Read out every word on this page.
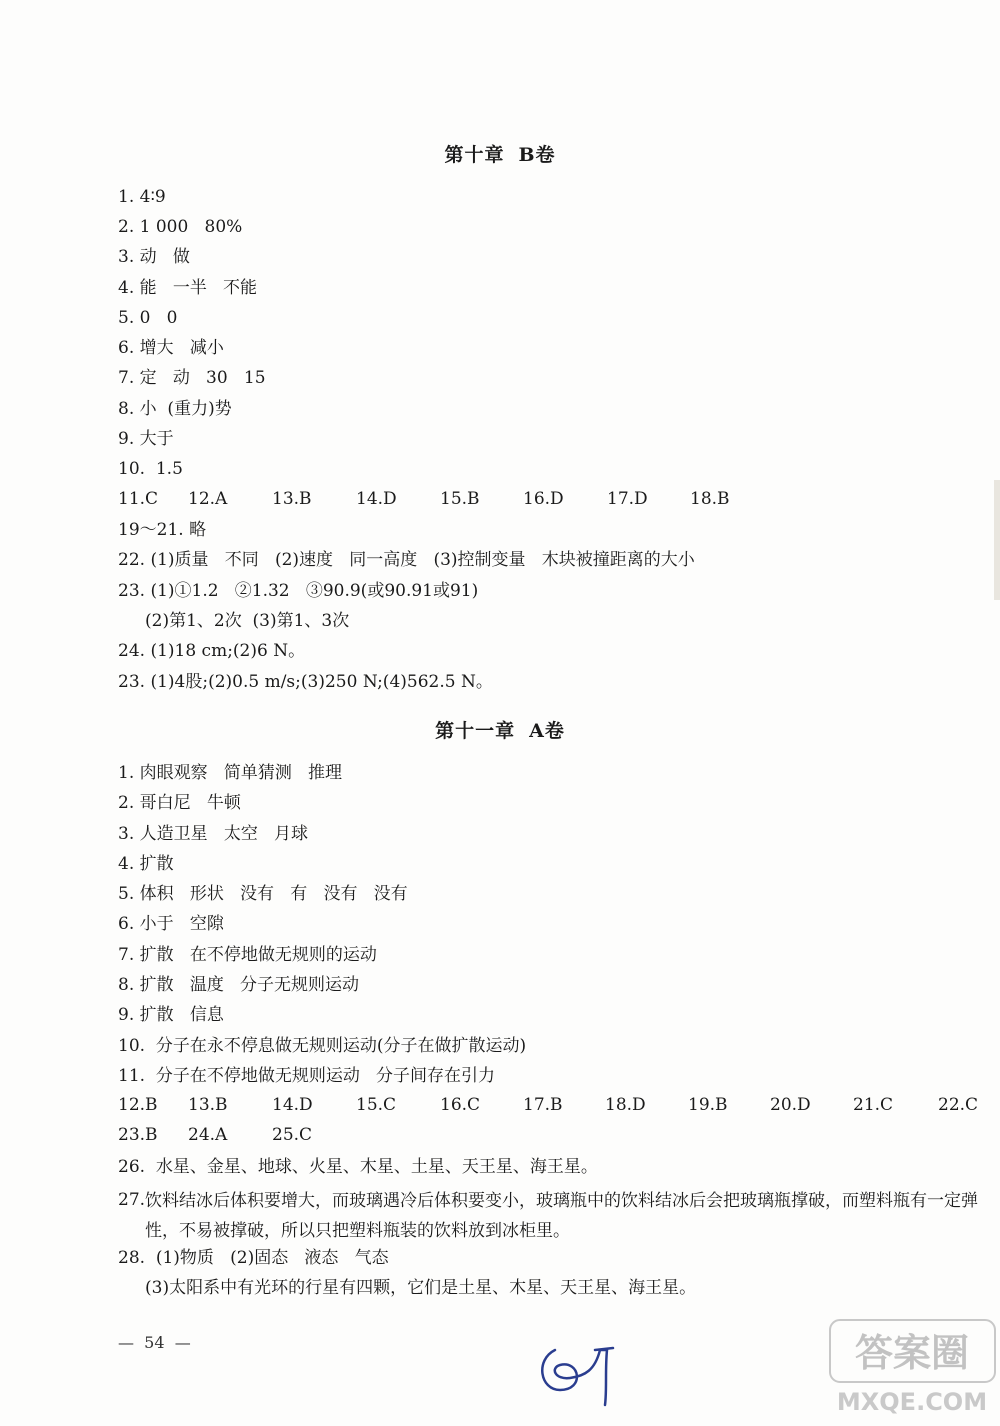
第十章 B卷
1. 4∶9
2. 1 000   80%
3. 动   做
4. 能   一半   不能
5. 0   0
6. 增大   减小
7. 定   动   30   15
8. 小  (重力)势
9. 大于
10.  1.5
11.C 12.A	13.B	14.D	15.B	16.D	17.D 18.B
19～21. 略
22. (1)质量   不同   (2)速度   同一高度   (3)控制变量   木块被撞距离的大小
23. (1)①1.2   ②1.32   ③90.9(或90.91或91)
(2)第1、2次  (3)第1、3次
24. (1)18 cm;(2)6 N。
23. (1)4股;(2)0.5 m/s;(3)250 N;(4)562.5 N。
第十一章 A卷
1. 肉眼观察   简单猜测   推理
2. 哥白尼   牛顿
3. 人造卫星   太空   月球
4. 扩散
5. 体积   形状   没有   有   没有   没有
6. 小于   空隙
7. 扩散   在不停地做无规则的运动
8. 扩散   温度   分子无规则运动
9. 扩散   信息
10.  分子在永不停息做无规则运动(分子在做扩散运动)
11.  分子在不停地做无规则运动   分子间存在引力
12.B 13.B	14.D	15.C	16.C	17.B 18.D 19.B 20.D 21.C	22.C
23.B 24.A	25.C
26.  水星、金星、地球、火星、木星、土星、天王星、海王星。
27. 饮料结冰后体积要增大，而玻璃遇冷后体积要变小，玻璃瓶中的饮料结冰后会把玻璃瓶撑破，而塑料瓶有一定弹性，不易被撑破，所以只把塑料瓶装的饮料放到冰柜里。
28.  (1)物质   (2)固态   液态   气态
(3)太阳系中有光环的行星有四颗，它们是土星、木星、天王星、海王星。
—  54  —	答案圈
MXQE.COM
